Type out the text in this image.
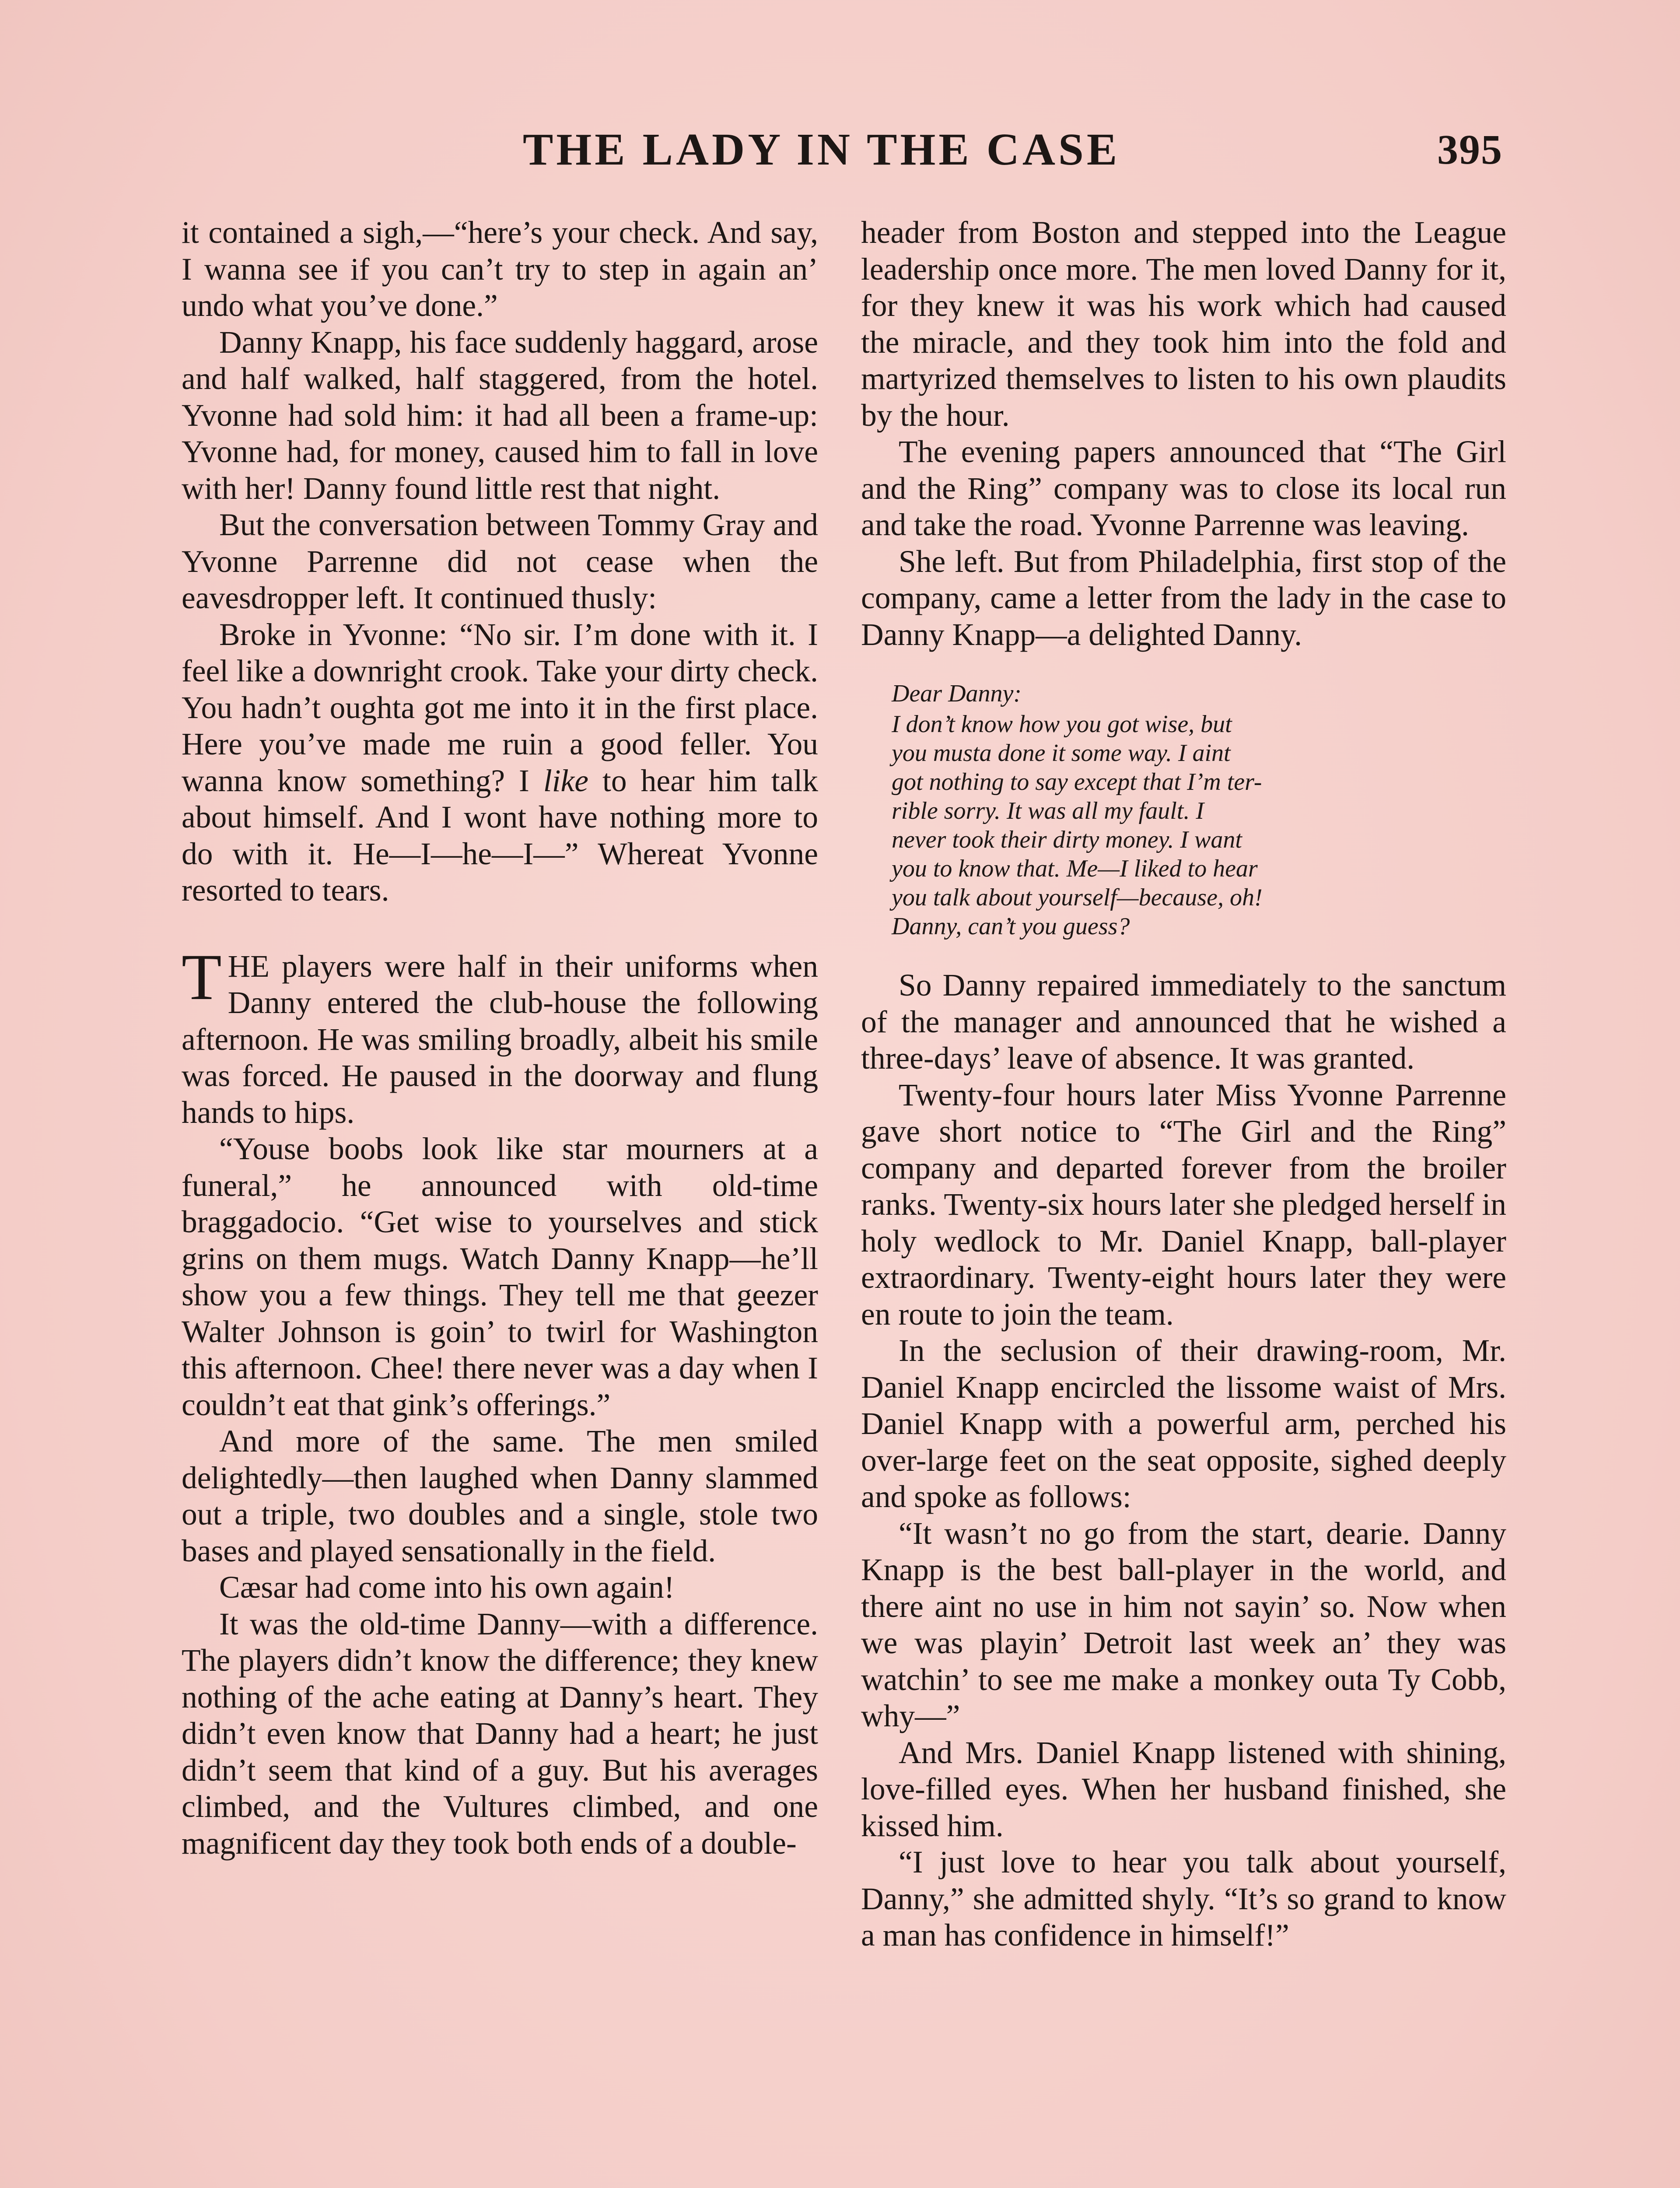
THE LADY IN THE CASE	395

it contained a sigh,—“here’s your check. And say, I wanna see if you can’t try to step in again an’ undo what you’ve done.”

Danny Knapp, his face suddenly haggard, arose and half walked, half staggered, from the hotel. Yvonne had sold him: it had all been a frame-up: Yvonne had, for money, caused him to fall in love with her! Danny found little rest that night.

But the conversation between Tommy Gray and Yvonne Parrenne did not cease when the eavesdropper left. It continued thusly:

Broke in Yvonne: “No sir. I’m done with it. I feel like a downright crook. Take your dirty check. You hadn’t oughta got me into it in the first place. Here you’ve made me ruin a good feller. You wanna know something? I like to hear him talk about himself. And I wont have nothing more to do with it. He—I—he—I—” Whereat Yvonne resorted to tears.

THE players were half in their uniforms when Danny entered the club-house the following afternoon. He was smiling broadly, albeit his smile was forced. He paused in the doorway and flung hands to hips.

“Youse boobs look like star mourners at a funeral,” he announced with old-time braggadocio. “Get wise to yourselves and stick grins on them mugs. Watch Danny Knapp—he’ll show you a few things. They tell me that geezer Walter Johnson is goin’ to twirl for Washington this afternoon. Chee! there never was a day when I couldn’t eat that gink’s offerings.”

And more of the same. The men smiled delightedly—then laughed when Danny slammed out a triple, two doubles and a single, stole two bases and played sensationally in the field.

Cæsar had come into his own again!

It was the old-time Danny—with a difference. The players didn’t know the difference; they knew nothing of the ache eating at Danny’s heart. They didn’t even know that Danny had a heart; he just didn’t seem that kind of a guy. But his averages climbed, and the Vultures climbed, and one magnificent day they took both ends of a double-

header from Boston and stepped into the League leadership once more. The men loved Danny for it, for they knew it was his work which had caused the miracle, and they took him into the fold and martyrized themselves to listen to his own plaudits by the hour.

The evening papers announced that “The Girl and the Ring” company was to close its local run and take the road. Yvonne Parrenne was leaving.

She left. But from Philadelphia, first stop of the company, came a letter from the lady in the case to Danny Knapp—a delighted Danny.

Dear Danny:

I don’t know how you got wise, but
you musta done it some way. I aint
got nothing to say except that I’m ter-
rible sorry. It was all my fault. I
never took their dirty money. I want
you to know that. Me—I liked to hear
you talk about yourself—because, oh!
Danny, can’t you guess?

So Danny repaired immediately to the sanctum of the manager and announced that he wished a three-days’ leave of absence. It was granted.

Twenty-four hours later Miss Yvonne Parrenne gave short notice to “The Girl and the Ring” company and departed forever from the broiler ranks. Twenty-six hours later she pledged herself in holy wedlock to Mr. Daniel Knapp, ball-player extraordinary. Twenty-eight hours later they were en route to join the team.

In the seclusion of their drawing-room, Mr. Daniel Knapp encircled the lissome waist of Mrs. Daniel Knapp with a powerful arm, perched his over-large feet on the seat opposite, sighed deeply and spoke as follows:

“It wasn’t no go from the start, dearie. Danny Knapp is the best ball-player in the world, and there aint no use in him not sayin’ so. Now when we was playin’ Detroit last week an’ they was watchin’ to see me make a monkey outa Ty Cobb, why—”

And Mrs. Daniel Knapp listened with shining, love-filled eyes. When her husband finished, she kissed him.

“I just love to hear you talk about yourself, Danny,” she admitted shyly. “It’s so grand to know a man has confidence in himself!”
